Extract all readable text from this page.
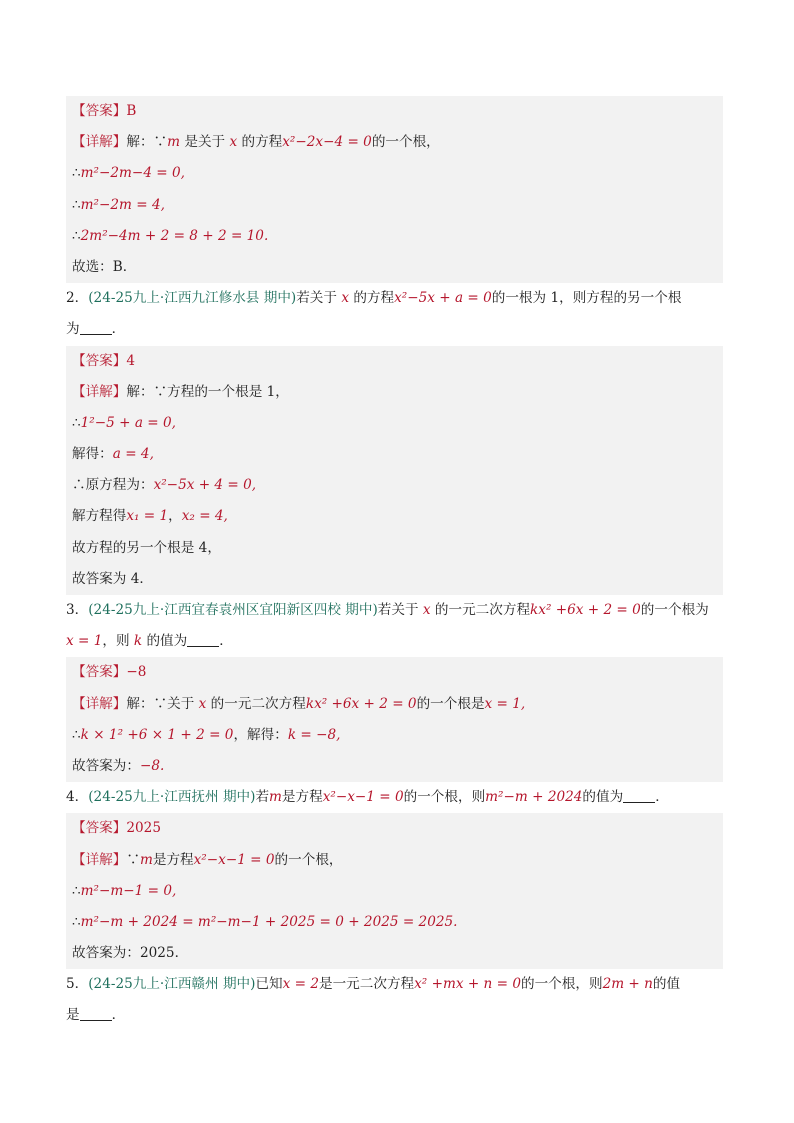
【答案】B
【详解】解：∵m 是关于 x 的方程x²−2x−4 = 0的一个根，
∴m²−2m−4 = 0,
∴m²−2m = 4,
∴2m²−4m + 2 = 8 + 2 = 10.
故选：B．
2．(24-25九上·江西九江修水县 期中)若关于 x 的方程x²−5x + a = 0的一根为 1，则方程的另一个根
为 ．
【答案】4
【详解】解：∵方程的一个根是 1，
∴1²−5 + a = 0,
解得：a = 4,
∴原方程为：x²−5x + 4 = 0,
解方程得x₁ = 1，x₂ = 4,
故方程的另一个根是 4，
故答案为 4．
3．(24-25九上·江西宜春袁州区宜阳新区四校 期中)若关于 x 的一元二次方程kx² +6x + 2 = 0的一个根为
x = 1，则 k 的值为 ．
【答案】−8
【详解】解：∵关于 x 的一元二次方程kx² +6x + 2 = 0的一个根是x = 1,
∴k × 1² +6 × 1 + 2 = 0，解得：k = −8,
故答案为：−8.
4．(24-25九上·江西抚州 期中)若m是方程x²−x−1 = 0的一个根，则m²−m + 2024的值为 ．
【答案】2025
【详解】∵m是方程x²−x−1 = 0的一个根，
∴m²−m−1 = 0,
∴m²−m + 2024 = m²−m−1 + 2025 = 0 + 2025 = 2025.
故答案为：2025．
5．(24-25九上·江西赣州 期中)已知x = 2是一元二次方程x² +mx + n = 0的一个根，则2m + n的值
是 ．
